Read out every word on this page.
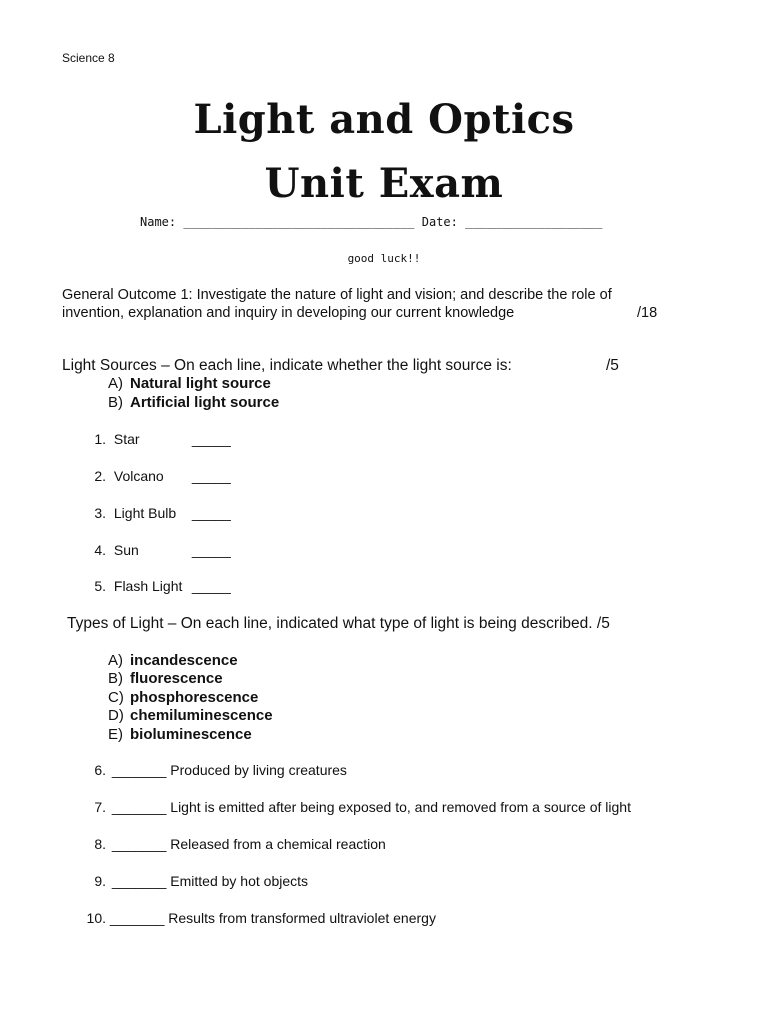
Science 8
Light and Optics
Unit Exam
Name: ________________________________ Date: ___________________
good luck!!
General Outcome 1: Investigate the nature of light and vision; and describe the role of
invention, explanation and inquiry in developing our current knowledge	/18
Light Sources – On each line, indicate whether the light source is:	/5
A) Natural light source
B) Artificial light source
1. Star	_____
2. Volcano _____
3. Light Bulb _____
4. Sun	_____
5. Flash Light _____
Types of Light – On each line, indicated what type of light is being described. /5
A) incandescence
B) fluorescence
C) phosphorescence
D) chemiluminescence
E) bioluminescence
6. _______ Produced by living creatures
7. _______ Light is emitted after being exposed to, and removed from a source of light
8. _______ Released from a chemical reaction
9. _______ Emitted by hot objects
10. _______ Results from transformed ultraviolet energy
